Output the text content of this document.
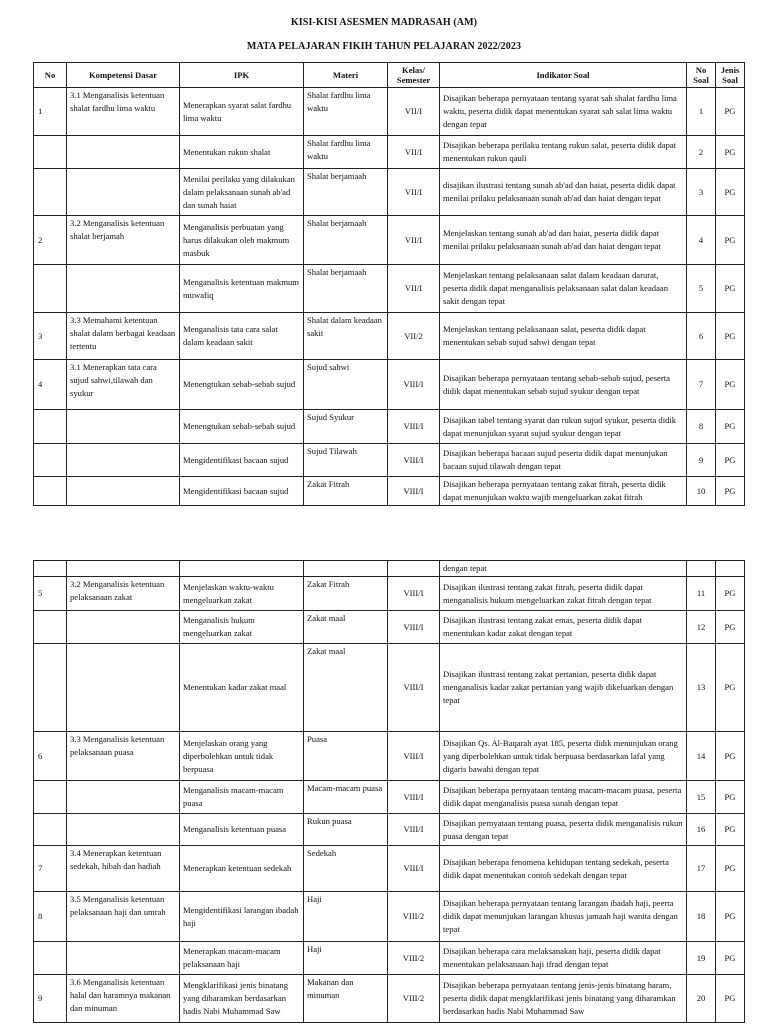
KISI-KISI ASESMEN MADRASAH (AM)
MATA PELAJARAN FIKIH TAHUN PELAJARAN 2022/2023
No	Kompetensi Dasar	IPK	Materi	Kelas/ Semester	Indikator Soal	No Soal	Jenis Soal
1	3.1 Menganalisis ketentuan shalat fardhu lima waktu	Menerapkan syarat salat fardhu lima waktu	Shalat fardhu lima waktu	VII/I	Disajikan beberapa pernyataan tentang syarat sah shalat fardhu lima waktu, peserta didik dapat menentukan syarat sah salat lima waktu dengan tepat	1	PG
		Menentukan rukun shalat	Shalat fardhu lima waktu	VII/I	Disajikan beberapa perilaku tentang rukun salat, peserta didik dapat menentukan rukun qauli	2	PG
		Menilai perilaku yang dilakukan dalam pelaksanaan sunah ab'ad dan sunah haiat	Shalat berjamaah	VII/I	disajikan ilustrasi tentang sunah ab'ad dan haiat, peserta didik dapat menilai prilaku pelaksanaan sunah ab'ad dan haiat dengan tepat	3	PG
2	3.2 Menganalisis ketentuan shalat berjamah	Menganalisis perbuatan yang harus dilakukan oleh makmum masbuk	Shalat berjamaah	VII/I	Menjelaskan tentang sunah ab'ad dan haiat, peserta didik dapat menilai prilaku pelaksanaan sunah ab'ad dan haiat dengan tepat	4	PG
		Menganalisis ketentuan makmum muwafiq	Shalat berjamaah	VII/I	Menjelaskan tentang pelaksanaan salat dalam keadaan darurat, peserta didik dapat menganalisis pelaksanaan salat dalan keadaan sakit dengan tepat	5	PG
3	3.3 Memahami ketentuan shalat dalam berbagai keadaan tertentu	Menganalisis tata cara salat dalam keadaan sakit	Shalat dalam keadaan sakit	VII/2	Menjelaskan tentang pelaksanaan salat, peserta didik dapat menentukan sebab sujud sahwi dengan tepat	6	PG
4	3.1 Menerapkan tata cara sujud sahwi,tilawah dan syukur	Menengtukan sebab-sebab sujud	Sujud sahwi	VIII/I	Disajikan beberapa pernyataan tentang sebab-sebab sujud, peserta didik dapat menentukan sebab sujud syukur dengan tepat	7	PG
		Menengtukan sebab-sebab sujud	Sujud Syukur	VIII/I	Disajikan tabel tentang syarat dan rukun sujud syukur, peserta didik dapat menunjukan syarat sujud syukur dengan tepat	8	PG
		Mengidentifikasi bacaan sujud	Sujud Tilawah	VIII/I	Disajikan beberapa bacaan sujud peserta didik dapat menunjukan bacaan sujud tilawah dengan tepat	9	PG
		Mengidentifikasi bacaan sujud	Zakat Fitrah	VIII/I	Disajikan beberapa pernyataan tentang zakat fitrah, peserta didik dapat menunjukan waktu wajib mengeluarkan zakat fitrah	10	PG
					dengan tepat		
5	3.2 Menganalisis ketentuan pelaksanaan zakat	Menjelaskan waktu-waktu mengeluarkan zakat	Zakat Fitrah	VIII/I	Disajikan ilustrasi tentang zakat fitrah, peserta didik dapat menganalisis hukum mengeluarkan zakat fitrah dengan tepat	11	PG
		Menganalisis hukum mengeluarkan zakat	Zakat maal	VIII/I	Disajikan ilustrasi tentang zakat emas, peserta didik dapat menentukan kadar zakat dengan tepat	12	PG
		Menentukan kadar zakat maal	Zakat maal	VIII/I	Disajikan ilustrasi tentang zakat pertanian, peserta didik dapat menganalisis kadar zakat pertanian yang wajib dikeluarkan dengan tepat	13	PG
6	3.3 Menganalisis ketentuan pelaksanaan puasa	Menjelaskan orang yang diperbolehkan untuk tidak berpuasa	Puasa	VIII/I	Disajikan Qs. Al-Baqarah ayat 185, peserta didik menunjukan orang yang diperbolehkan untuk tidak berpuasa berdasarkan lafal yang digaris bawahi dengan tepat	14	PG
		Menganalisis macam-macam puasa	Macam-macam puasa	VIII/I	Disajikan beberapa pernyataan tentang macam-macam puasa, peserta didik dapat menganalisis puasa sunah dengan tepat	15	PG
		Menganalisis ketentuan puasa	Rukun puasa	VIII/I	Disajikan pernyataan tentang puasa, peserta didik menganalisis rukun puasa dengan tepat	16	PG
7	3.4 Menerapkan ketentuan sedekah, hibah dan hadiah	Menerapkan ketentuan sedekah	Sedekah	VIII/I	Disajikan beberapa fenomena kehidupan tentang sedekah, peserta didik dapat menentukan contoh sedekah dengan tepat	17	PG
8	3.5 Menganalisis ketentuan pelaksanaan haji dan umrah	Mengidentifikasi larangan ibadah haji	Haji	VIII/2	Disajikan beberapa pernyataan tentang larangan ibadah haji, peerta didik dapat menunjukan larangan khusus jamaah haji wanita dengan tepat	18	PG
		Menerapkan macam-macam pelaksanaan haji	Haji	VIII/2	Disajikan beberapa cara melaksanakan haji, peserta didik dapat menentukan pelaksanaan haji ifrad dengan tepat	19	PG
9	3.6 Menganalisis ketentuan halal dan haramnya makanan dan minuman	Mengklarifikasi jenis binatang yang diharamkan berdasarkan hadis Nabi Muhammad Saw	Makanan dan minuman	VIII/2	Disajikan beberapa pernyataan tentang jenis-jenis binatang haram, peserta didik dapat mengklarifikasi jenis binatang yang diharamkan berdasarkan hadis Nabi Muhammad Saw	20	PG
